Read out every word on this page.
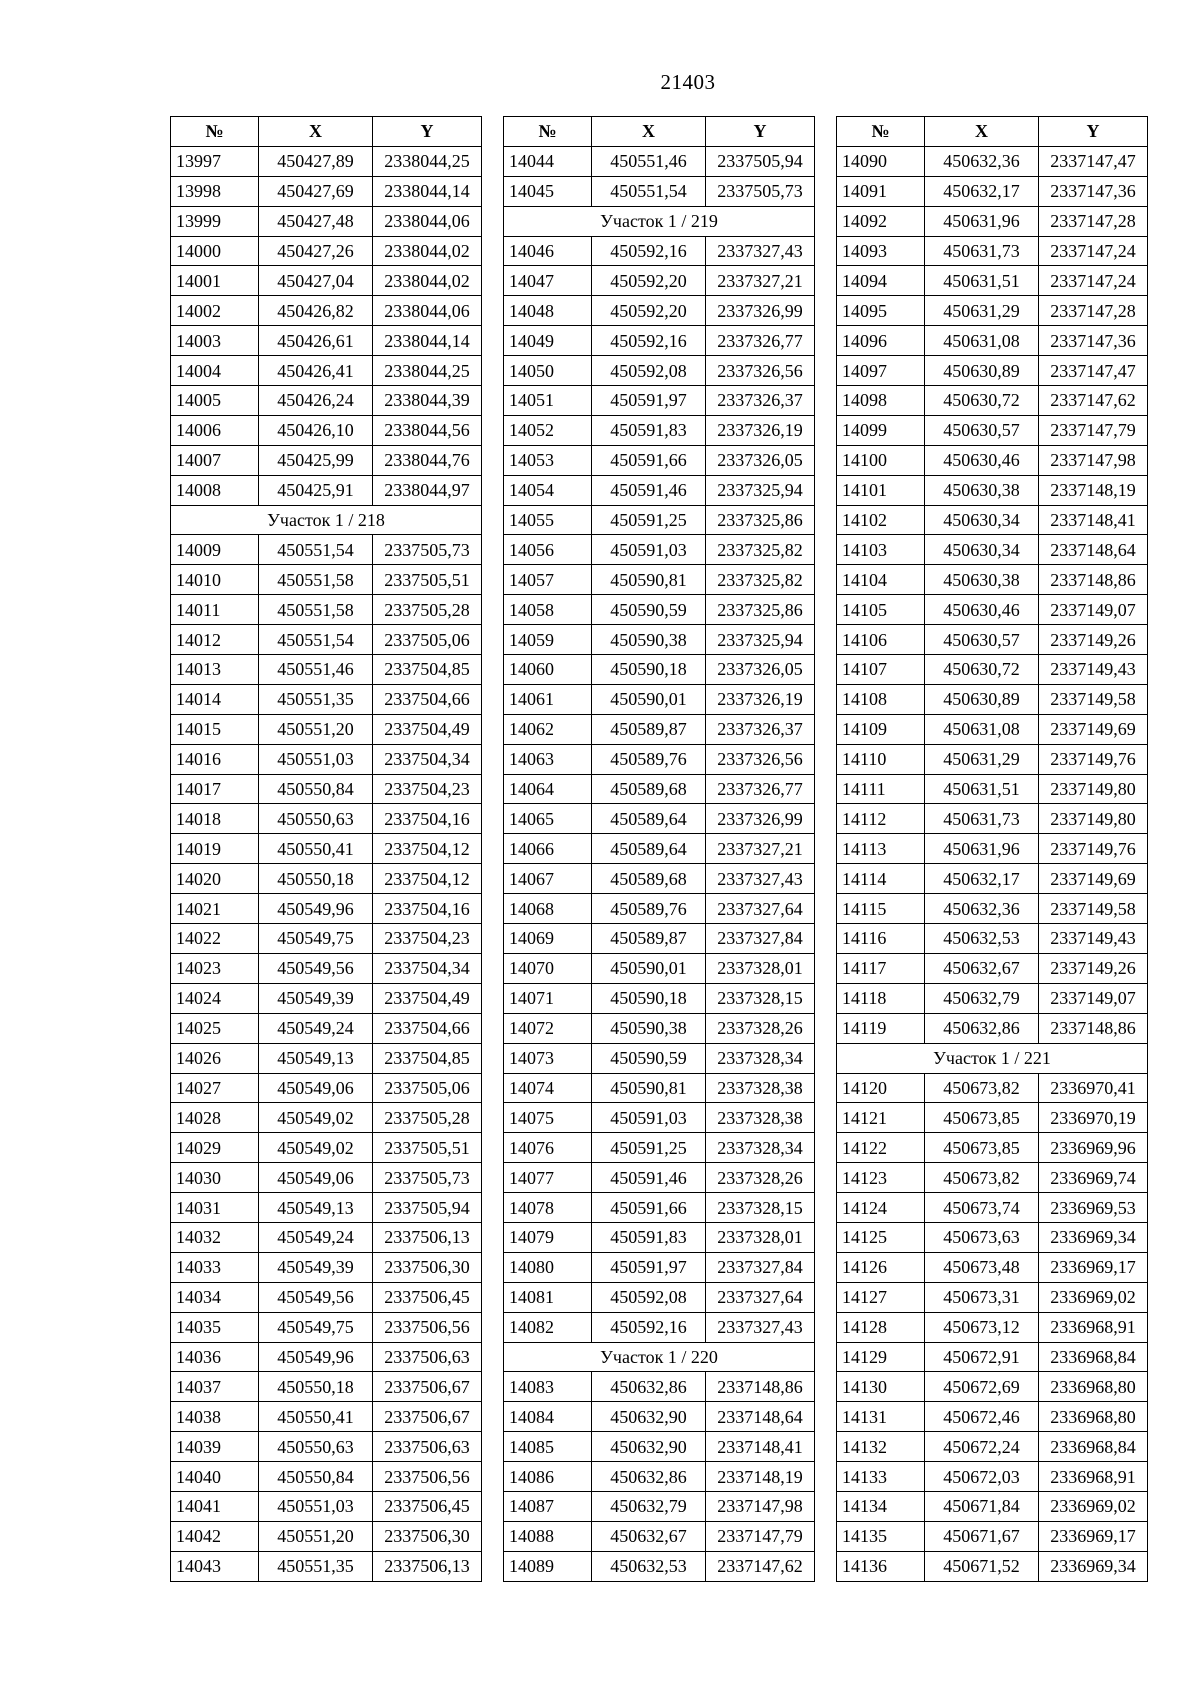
21403
№	X	Y
13997	450427,89	2338044,25
13998	450427,69	2338044,14
13999	450427,48	2338044,06
14000	450427,26	2338044,02
14001	450427,04	2338044,02
14002	450426,82	2338044,06
14003	450426,61	2338044,14
14004	450426,41	2338044,25
14005	450426,24	2338044,39
14006	450426,10	2338044,56
14007	450425,99	2338044,76
14008	450425,91	2338044,97
Участок 1 / 218		
14009	450551,54	2337505,73
14010	450551,58	2337505,51
14011	450551,58	2337505,28
14012	450551,54	2337505,06
14013	450551,46	2337504,85
14014	450551,35	2337504,66
14015	450551,20	2337504,49
14016	450551,03	2337504,34
14017	450550,84	2337504,23
14018	450550,63	2337504,16
14019	450550,41	2337504,12
14020	450550,18	2337504,12
14021	450549,96	2337504,16
14022	450549,75	2337504,23
14023	450549,56	2337504,34
14024	450549,39	2337504,49
14025	450549,24	2337504,66
14026	450549,13	2337504,85
14027	450549,06	2337505,06
14028	450549,02	2337505,28
14029	450549,02	2337505,51
14030	450549,06	2337505,73
14031	450549,13	2337505,94
14032	450549,24	2337506,13
14033	450549,39	2337506,30
14034	450549,56	2337506,45
14035	450549,75	2337506,56
14036	450549,96	2337506,63
14037	450550,18	2337506,67
14038	450550,41	2337506,67
14039	450550,63	2337506,63
14040	450550,84	2337506,56
14041	450551,03	2337506,45
14042	450551,20	2337506,30
14043	450551,35	2337506,13
№	X	Y
14044	450551,46	2337505,94
14045	450551,54	2337505,73
Участок 1 / 219		
14046	450592,16	2337327,43
14047	450592,20	2337327,21
14048	450592,20	2337326,99
14049	450592,16	2337326,77
14050	450592,08	2337326,56
14051	450591,97	2337326,37
14052	450591,83	2337326,19
14053	450591,66	2337326,05
14054	450591,46	2337325,94
14055	450591,25	2337325,86
14056	450591,03	2337325,82
14057	450590,81	2337325,82
14058	450590,59	2337325,86
14059	450590,38	2337325,94
14060	450590,18	2337326,05
14061	450590,01	2337326,19
14062	450589,87	2337326,37
14063	450589,76	2337326,56
14064	450589,68	2337326,77
14065	450589,64	2337326,99
14066	450589,64	2337327,21
14067	450589,68	2337327,43
14068	450589,76	2337327,64
14069	450589,87	2337327,84
14070	450590,01	2337328,01
14071	450590,18	2337328,15
14072	450590,38	2337328,26
14073	450590,59	2337328,34
14074	450590,81	2337328,38
14075	450591,03	2337328,38
14076	450591,25	2337328,34
14077	450591,46	2337328,26
14078	450591,66	2337328,15
14079	450591,83	2337328,01
14080	450591,97	2337327,84
14081	450592,08	2337327,64
14082	450592,16	2337327,43
Участок 1 / 220		
14083	450632,86	2337148,86
14084	450632,90	2337148,64
14085	450632,90	2337148,41
14086	450632,86	2337148,19
14087	450632,79	2337147,98
14088	450632,67	2337147,79
14089	450632,53	2337147,62
№	X	Y
14090	450632,36	2337147,47
14091	450632,17	2337147,36
14092	450631,96	2337147,28
14093	450631,73	2337147,24
14094	450631,51	2337147,24
14095	450631,29	2337147,28
14096	450631,08	2337147,36
14097	450630,89	2337147,47
14098	450630,72	2337147,62
14099	450630,57	2337147,79
14100	450630,46	2337147,98
14101	450630,38	2337148,19
14102	450630,34	2337148,41
14103	450630,34	2337148,64
14104	450630,38	2337148,86
14105	450630,46	2337149,07
14106	450630,57	2337149,26
14107	450630,72	2337149,43
14108	450630,89	2337149,58
14109	450631,08	2337149,69
14110	450631,29	2337149,76
14111	450631,51	2337149,80
14112	450631,73	2337149,80
14113	450631,96	2337149,76
14114	450632,17	2337149,69
14115	450632,36	2337149,58
14116	450632,53	2337149,43
14117	450632,67	2337149,26
14118	450632,79	2337149,07
14119	450632,86	2337148,86
Участок 1 / 221		
14120	450673,82	2336970,41
14121	450673,85	2336970,19
14122	450673,85	2336969,96
14123	450673,82	2336969,74
14124	450673,74	2336969,53
14125	450673,63	2336969,34
14126	450673,48	2336969,17
14127	450673,31	2336969,02
14128	450673,12	2336968,91
14129	450672,91	2336968,84
14130	450672,69	2336968,80
14131	450672,46	2336968,80
14132	450672,24	2336968,84
14133	450672,03	2336968,91
14134	450671,84	2336969,02
14135	450671,67	2336969,17
14136	450671,52	2336969,34
